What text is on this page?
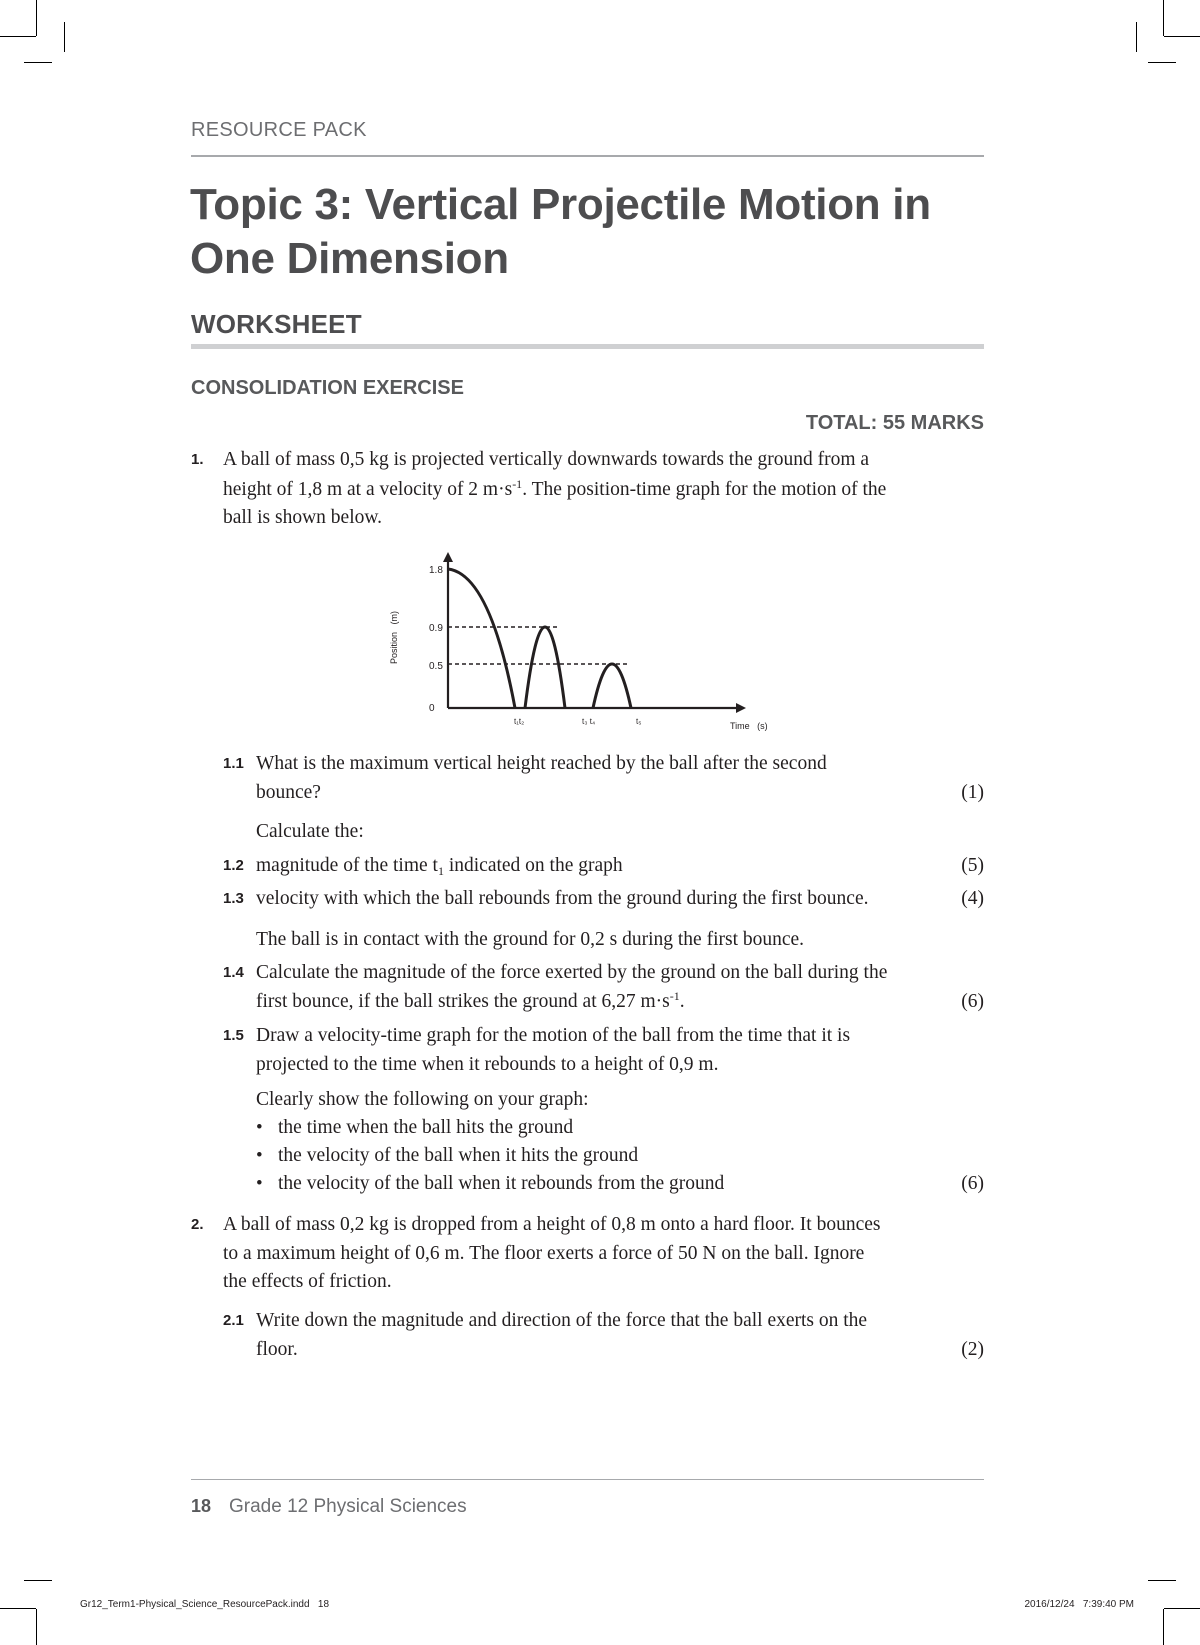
RESOURCE PACK
Topic 3: Vertical Projectile Motion in One Dimension
WORKSHEET
CONSOLIDATION EXERCISE
TOTAL: 55 MARKS
1. A ball of mass 0,5 kg is projected vertically downwards towards the ground from a
height of 1,8 m at a velocity of 2 $m\cdot s^{-1}$. The position-time graph for the motion of the
ball is shown below.
1.8
0.9
0.5
0
t₁t₂	t₃ t₄	t₅	Time   (s)
Position   (m)
1.1 What is the maximum vertical height reached by the ball after the second
bounce?	(1)
Calculate the:
1.2 magnitude of the time $t_1$ indicated on the graph	(5)
1.3 velocity with which the ball rebounds from the ground during the first bounce.	(4)
The ball is in contact with the ground for 0,2 s during the first bounce.
1.4 Calculate the magnitude of the force exerted by the ground on the ball during the
first bounce, if the ball strikes the ground at 6,27 $m\cdot s^{-1}$.	(6)
1.5 Draw a velocity-time graph for the motion of the ball from the time that it is
projected to the time when it rebounds to a height of 0,9 m.
Clearly show the following on your graph:
• the time when the ball hits the ground
• the velocity of the ball when it hits the ground
• the velocity of the ball when it rebounds from the ground	(6)
2. A ball of mass 0,2 kg is dropped from a height of 0,8 m onto a hard floor. It bounces
to a maximum height of 0,6 m. The floor exerts a force of 50 N on the ball. Ignore
the effects of friction.
2.1 Write down the magnitude and direction of the force that the ball exerts on the
floor.	(2)
18 Grade 12 Physical Sciences
Gr12_Term1-Physical_Science_ResourcePack.indd   18	2016/12/24   7:39:40 PM
